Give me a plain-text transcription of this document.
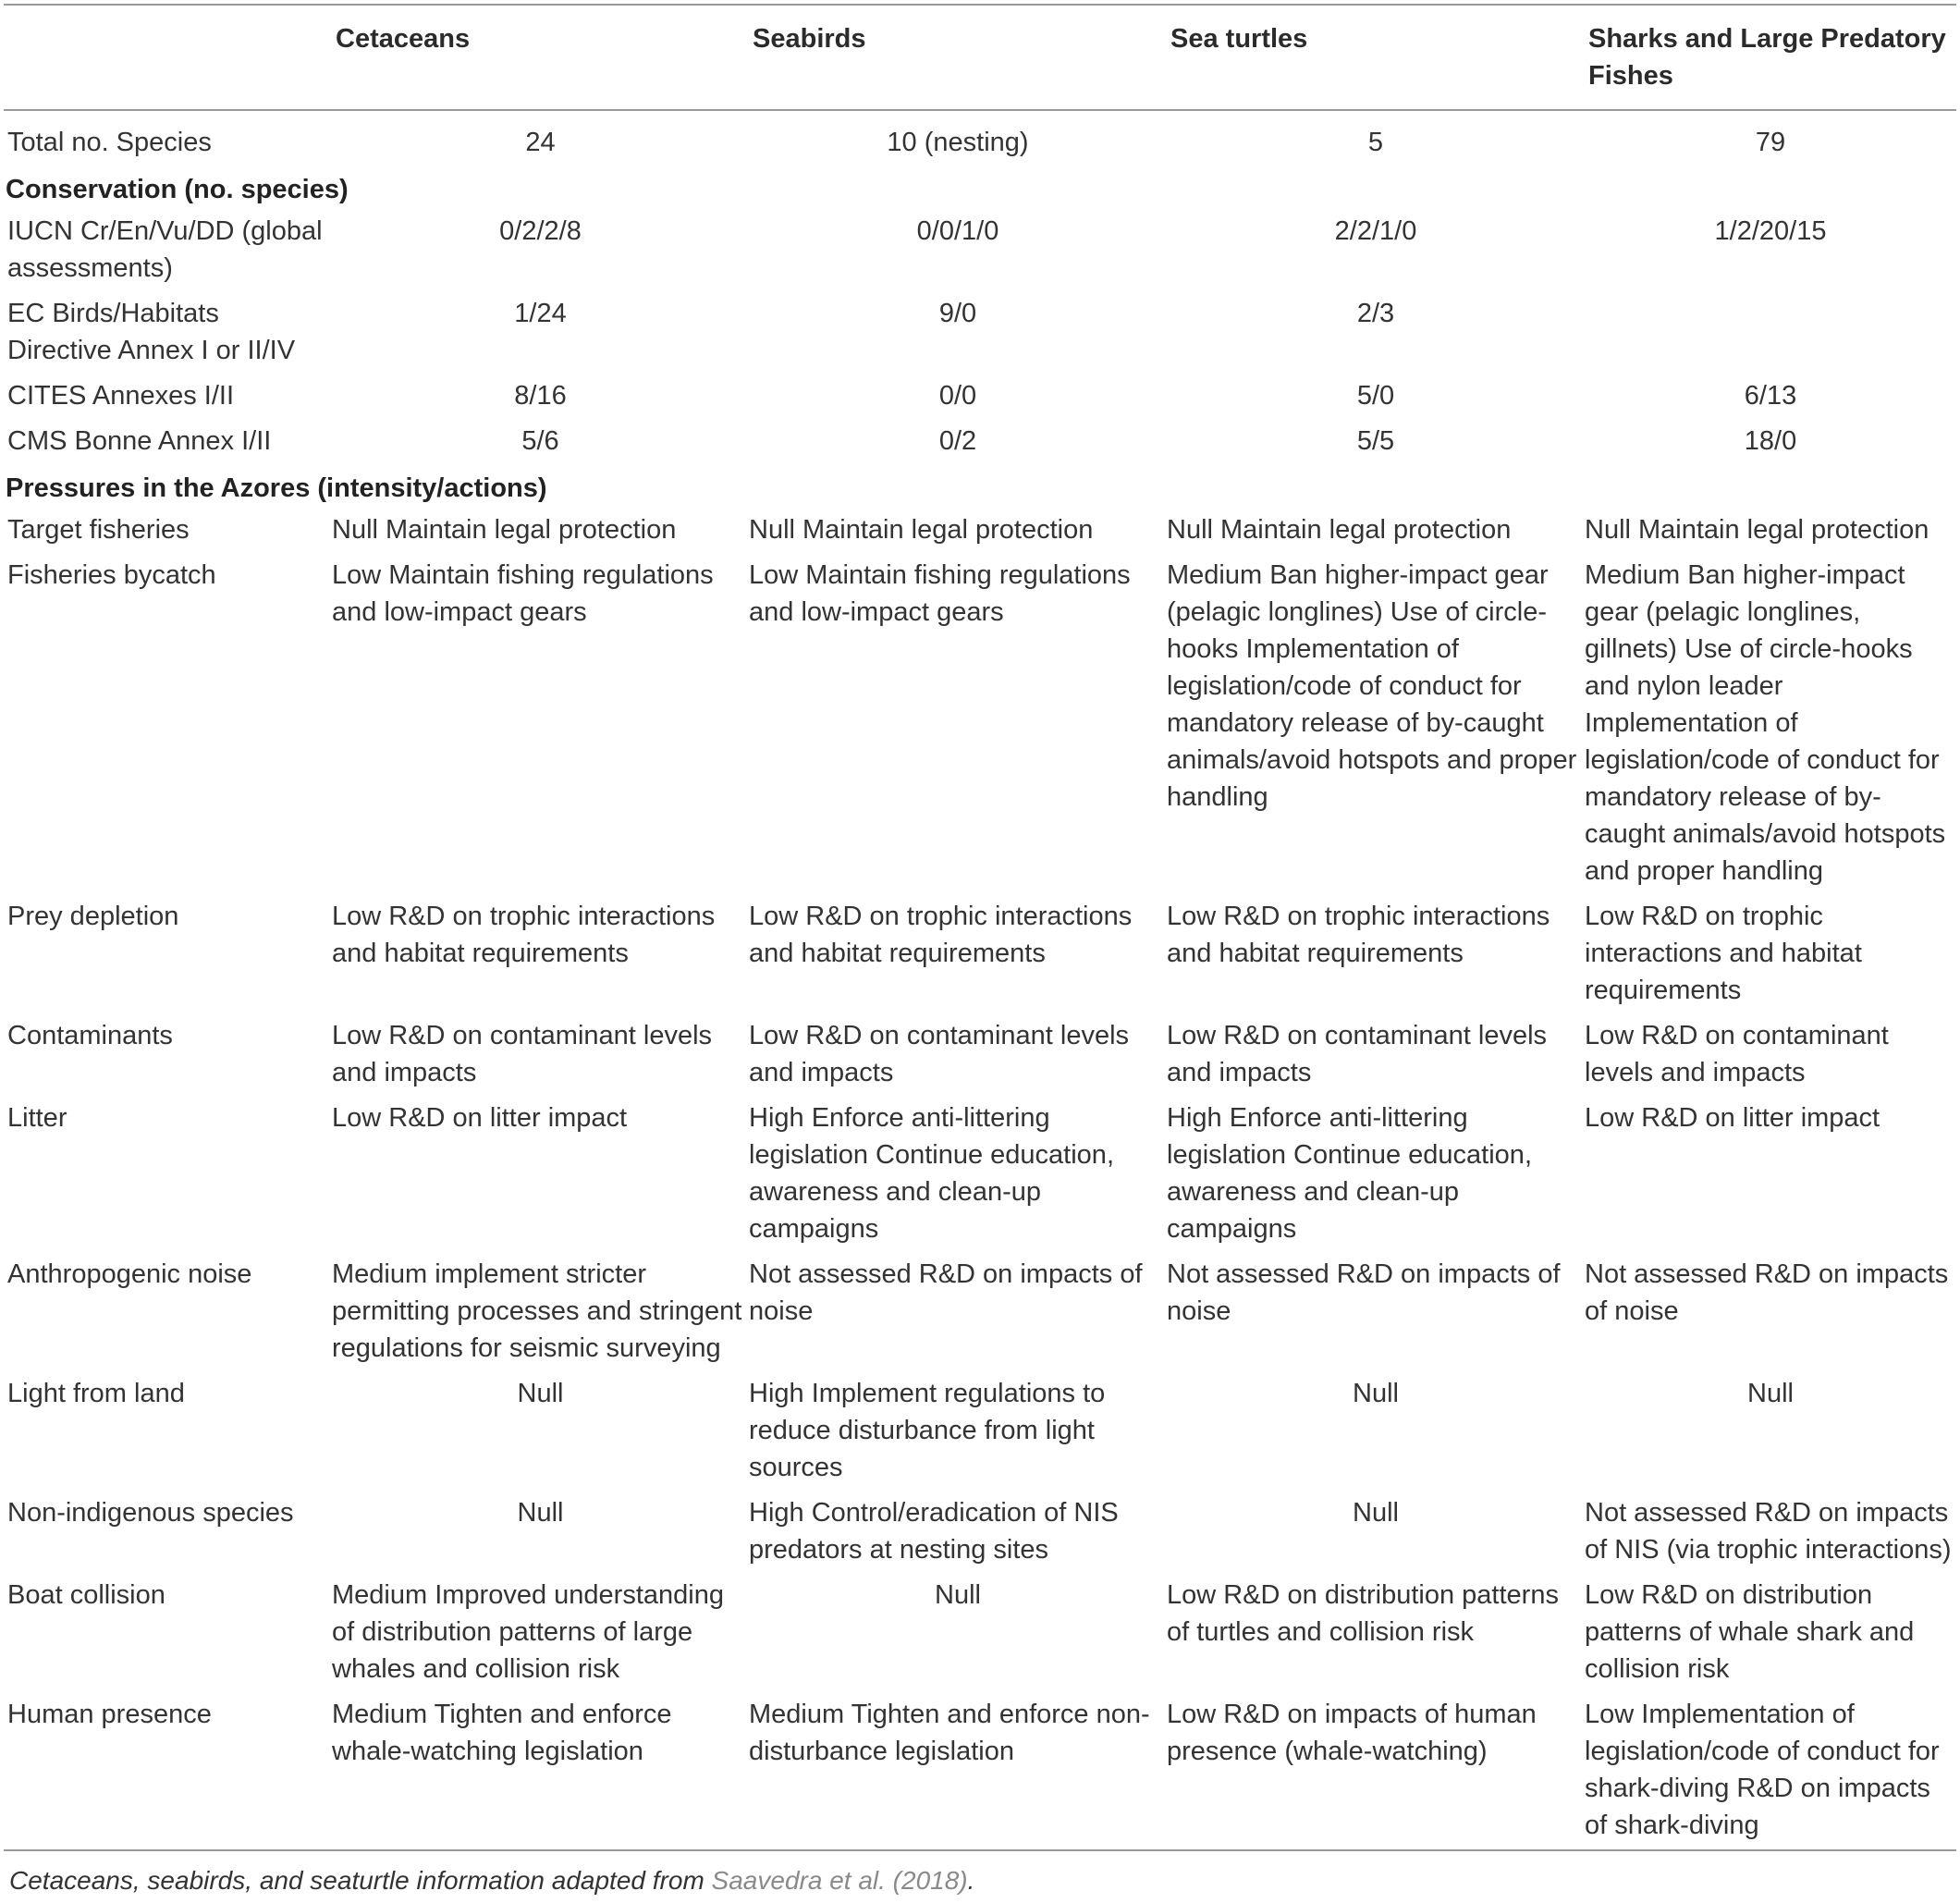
	Cetaceans	Seabirds	Sea turtles	Sharks and Large Predatory Fishes
Total no. Species	24	10 (nesting)	5	79
Conservation (no. species)				
IUCN Cr/En/Vu/DD (global assessments)	0/2/2/8	0/0/1/0	2/2/1/0	1/2/20/15
EC Birds/Habitats Directive Annex I or II/IV	1/24	9/0	2/3	
CITES Annexes I/II	8/16	0/0	5/0	6/13
CMS Bonne Annex I/II	5/6	0/2	5/5	18/0
Pressures in the Azores (intensity/actions)				
Target fisheries	Null Maintain legal protection	Null Maintain legal protection	Null Maintain legal protection	Null Maintain legal protection
Fisheries bycatch	Low Maintain fishing regulations and low-impact gears	Low Maintain fishing regulations and low-impact gears	Medium Ban higher-impact gear (pelagic longlines) Use of circle-hooks Implementation of legislation/code of conduct for mandatory release of by-caught animals/avoid hotspots and proper handling	Medium Ban higher-impact gear (pelagic longlines, gillnets) Use of circle-hooks and nylon leader Implementation of legislation/code of conduct for mandatory release of by-caught animals/avoid hotspots and proper handling
Prey depletion	Low R&D on trophic interactions and habitat requirements	Low R&D on trophic interactions and habitat requirements	Low R&D on trophic interactions and habitat requirements	Low R&D on trophic interactions and habitat requirements
Contaminants	Low R&D on contaminant levels and impacts	Low R&D on contaminant levels and impacts	Low R&D on contaminant levels and impacts	Low R&D on contaminant levels and impacts
Litter	Low R&D on litter impact	High Enforce anti-littering legislation Continue education, awareness and clean-up campaigns	High Enforce anti-littering legislation Continue education, awareness and clean-up campaigns	Low R&D on litter impact
Anthropogenic noise	Medium implement stricter permitting processes and stringent regulations for seismic surveying	Not assessed R&D on impacts of noise	Not assessed R&D on impacts of noise	Not assessed R&D on impacts of noise
Light from land	Null	High Implement regulations to reduce disturbance from light sources	Null	Null
Non-indigenous species	Null	High Control/eradication of NIS predators at nesting sites	Null	Not assessed R&D on impacts of NIS (via trophic interactions)
Boat collision	Medium Improved understanding of distribution patterns of large whales and collision risk	Null	Low R&D on distribution patterns of turtles and collision risk	Low R&D on distribution patterns of whale shark and collision risk
Human presence	Medium Tighten and enforce whale-watching legislation	Medium Tighten and enforce non-disturbance legislation	Low R&D on impacts of human presence (whale-watching)	Low Implementation of legislation/code of conduct for shark-diving R&D on impacts of shark-diving
Cetaceans, seabirds, and seaturtle information adapted from Saavedra et al. (2018).
